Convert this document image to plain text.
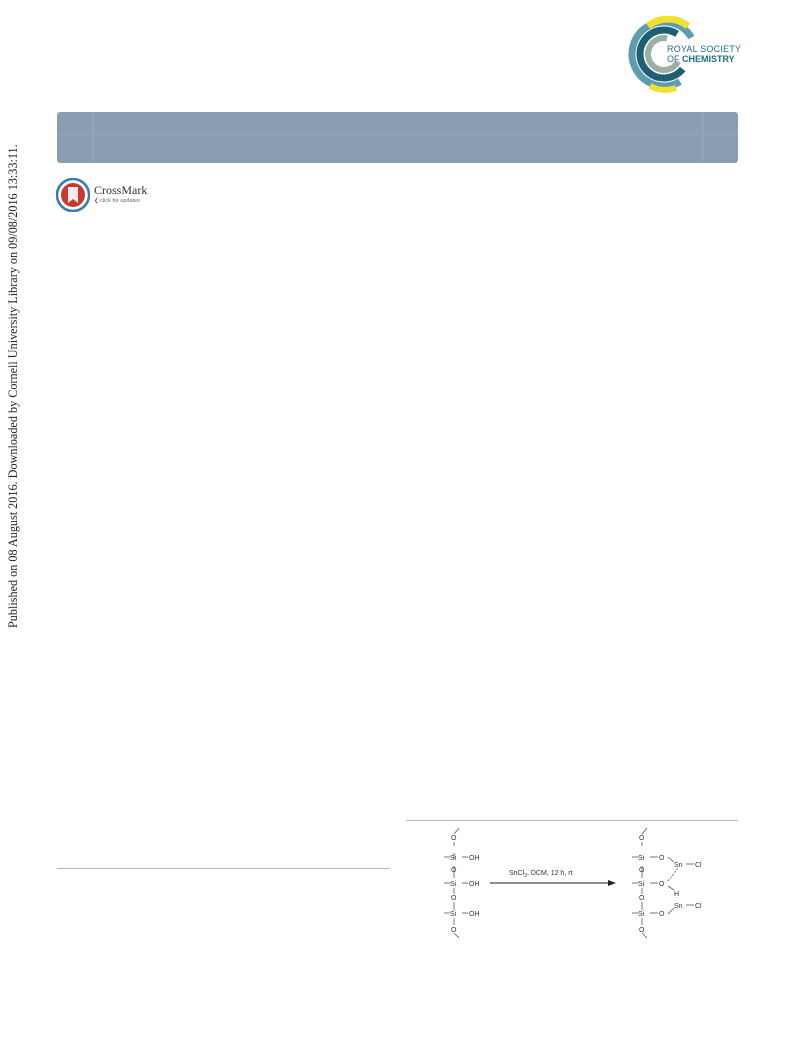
Published on 08 August 2016. Downloaded by Cornell University Library on 09/08/2016 13:33:11.
ROYAL SOCIETY
OF CHEMISTRY
CrossMark
❮ click for updates
SnCl$_2$, DCM, 12 h, rt
O
O
O
O
Si
Si
Si
OH
OH
OH
O
O
O
O
Si
Si
Si
O
O
O
H
Sn
Sn
Cl
Cl
